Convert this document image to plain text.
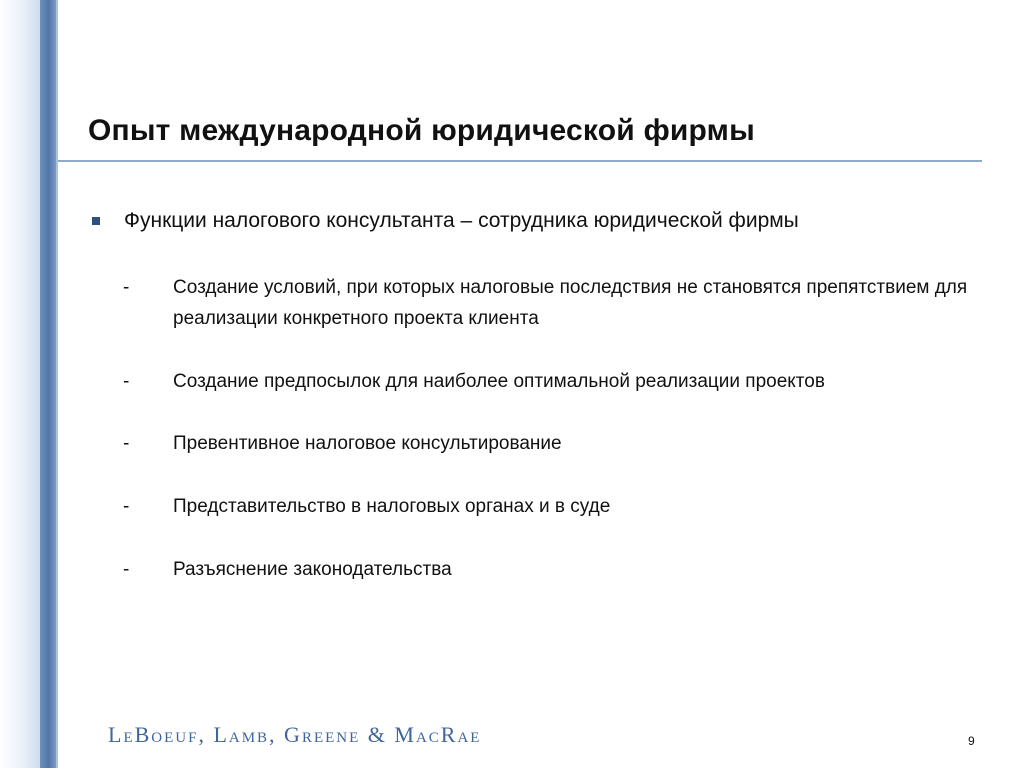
Опыт международной юридической фирмы
Функции налогового консультанта – сотрудника юридической фирмы
-	Создание условий, при которых налоговые последствия не становятся препятствием для реализации конкретного проекта клиента
-	Создание предпосылок для наиболее оптимальной реализации проектов
-	Превентивное налоговое консультирование
-	Представительство в налоговых органах и в суде
-	Разъяснение законодательства
LeBoeuf, Lamb, Greene & MacRae	9
